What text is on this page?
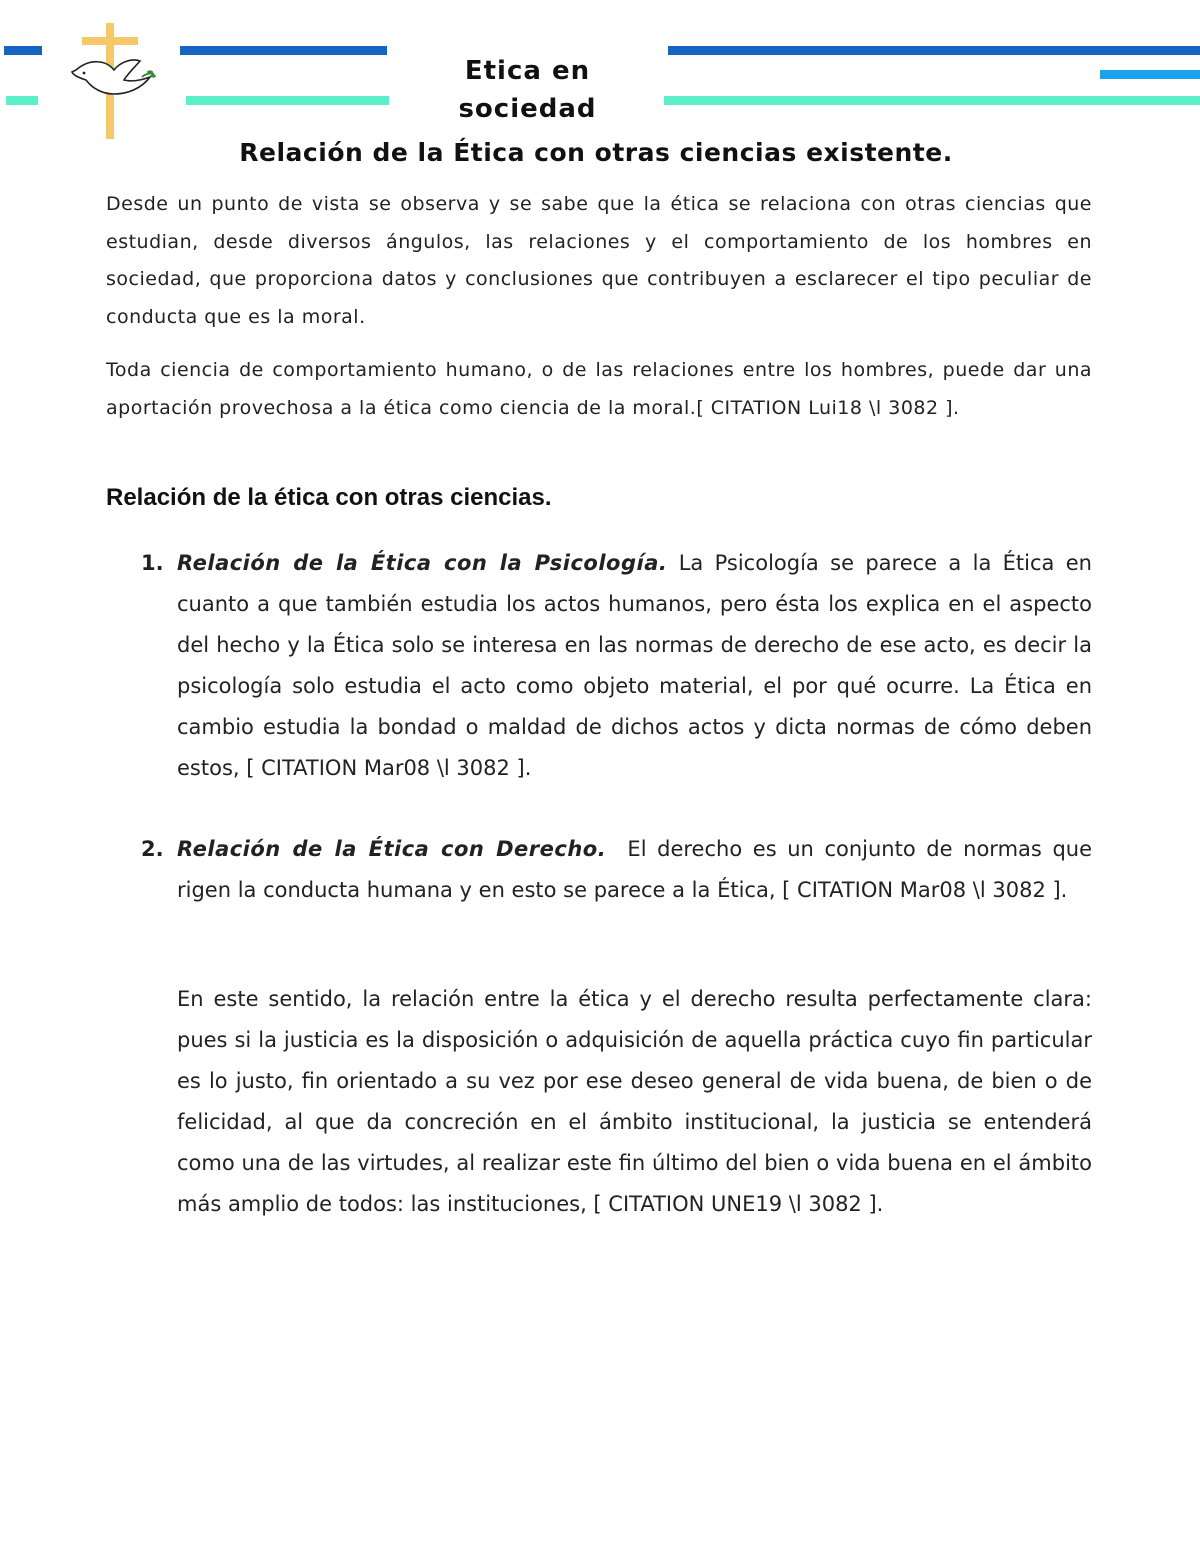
Etica en sociedad
Relación de la Ética con otras ciencias existente.

Desde un punto de vista se observa y se sabe que la ética se relaciona con otras ciencias que estudian, desde diversos ángulos, las relaciones y el comportamiento de los hombres en sociedad, que proporciona datos y conclusiones que contribuyen a esclarecer el tipo peculiar de conducta que es la moral.

Toda ciencia de comportamiento humano, o de las relaciones entre los hombres, puede dar una aportación provechosa a la ética como ciencia de la moral.[ CITATION Lui18 \l 3082 ].

Relación de la ética con otras ciencias.
1. Relación de la Ética con la Psicología. La Psicología se parece a la Ética en cuanto a que también estudia los actos humanos, pero ésta los explica en el aspecto del hecho y la Ética solo se interesa en las normas de derecho de ese acto, es decir la psicología solo estudia el acto como objeto material, el por qué ocurre. La Ética en cambio estudia la bondad o maldad de dichos actos y dicta normas de cómo deben estos, [ CITATION Mar08 \l 3082 ].
2. Relación de la Ética con Derecho. El derecho es un conjunto de normas que rigen la conducta humana y en esto se parece a la Ética, [ CITATION Mar08 \l 3082 ].

En este sentido, la relación entre la ética y el derecho resulta perfectamente clara: pues si la justicia es la disposición o adquisición de aquella práctica cuyo fin particular es lo justo, fin orientado a su vez por ese deseo general de vida buena, de bien o de felicidad, al que da concreción en el ámbito institucional, la justicia se entenderá como una de las virtudes, al realizar este fin último del bien o vida buena en el ámbito más amplio de todos: las instituciones, [ CITATION UNE19 \l 3082 ].
